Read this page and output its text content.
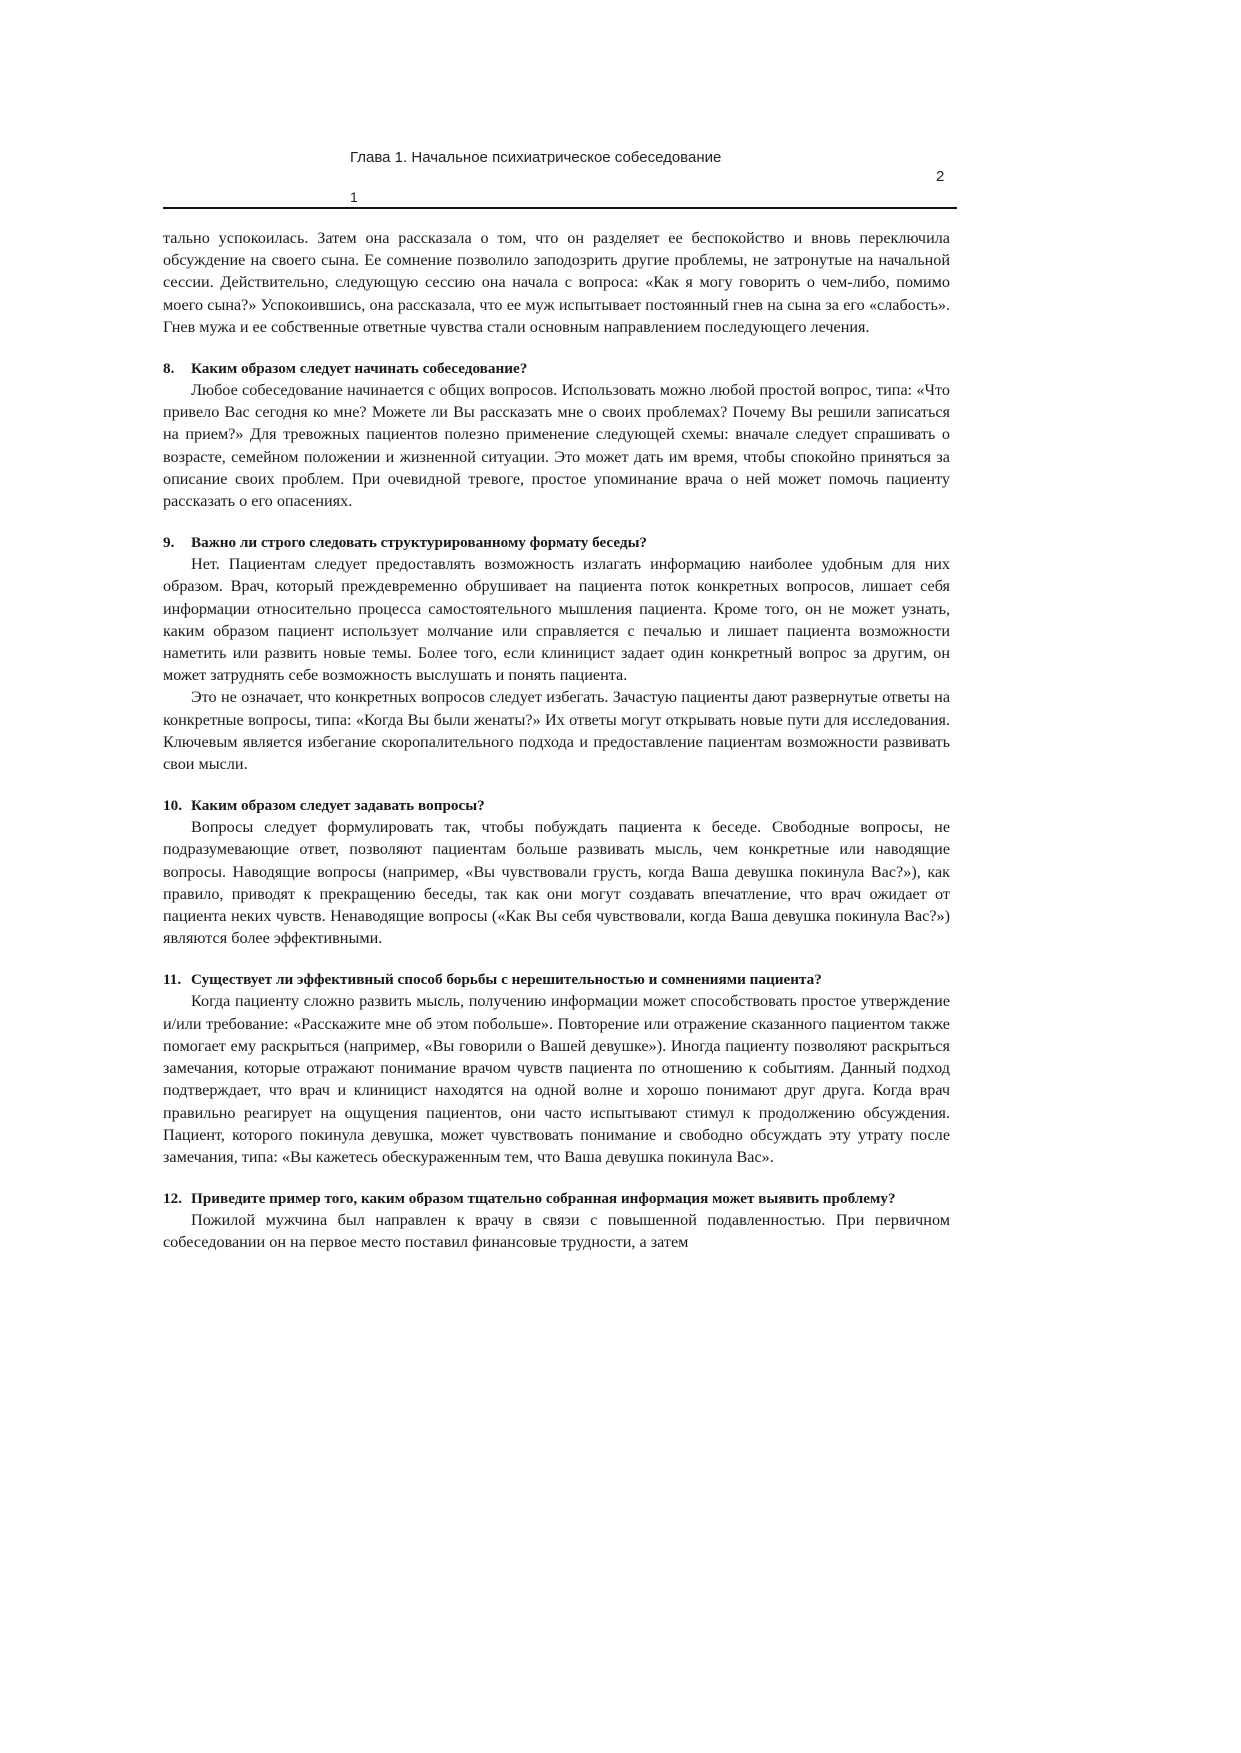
Глава 1. Начальное психиатрическое собеседование
2
1

тально успокоилась. Затем она рассказала о том, что он разделяет ее беспокойство и вновь переключила обсуждение на своего сына. Ее сомнение позволило заподозрить другие проблемы, не затронутые на начальной сессии. Действительно, следующую сессию она начала с вопроса: «Как я могу говорить о чем-либо, помимо моего сына?» Успокоившись, она рассказала, что ее муж испытывает постоянный гнев на сына за его «слабость». Гнев мужа и ее собственные ответные чувства стали основным направлением последующего лечения.

8. Каким образом следует начинать собеседование?

Любое собеседование начинается с общих вопросов. Использовать можно любой простой вопрос, типа: «Что привело Вас сегодня ко мне? Можете ли Вы рассказать мне о своих проблемах? Почему Вы решили записаться на прием?» Для тревожных пациентов полезно применение следующей схемы: вначале следует спрашивать о возрасте, семейном положении и жизненной ситуации. Это может дать им время, чтобы спокойно приняться за описание своих проблем. При очевидной тревоге, простое упоминание врача о ней может помочь пациенту рассказать о его опасениях.

9. Важно ли строго следовать структурированному формату беседы?

Нет. Пациентам следует предоставлять возможность излагать информацию наиболее удобным для них образом. Врач, который преждевременно обрушивает на пациента поток конкретных вопросов, лишает себя информации относительно процесса самостоятельного мышления пациента. Кроме того, он не может узнать, каким образом пациент использует молчание или справляется с печалью и лишает пациента возможности наметить или развить новые темы. Более того, если клиницист задает один конкретный вопрос за другим, он может затруднять себе возможность выслушать и понять пациента.

Это не означает, что конкретных вопросов следует избегать. Зачастую пациенты дают развернутые ответы на конкретные вопросы, типа: «Когда Вы были женаты?» Их ответы могут открывать новые пути для исследования. Ключевым является избегание скоропалительного подхода и предоставление пациентам возможности развивать свои мысли.

10. Каким образом следует задавать вопросы?

Вопросы следует формулировать так, чтобы побуждать пациента к беседе. Свободные вопросы, не подразумевающие ответ, позволяют пациентам больше развивать мысль, чем конкретные или наводящие вопросы. Наводящие вопросы (например, «Вы чувствовали грусть, когда Ваша девушка покинула Вас?»), как правило, приводят к прекращению беседы, так как они могут создавать впечатление, что врач ожидает от пациента неких чувств. Ненаводящие вопросы («Как Вы себя чувствовали, когда Ваша девушка покинула Вас?») являются более эффективными.

11. Существует ли эффективный способ борьбы с нерешительностью и сомнениями пациента?

Когда пациенту сложно развить мысль, получению информации может способствовать простое утверждение и/или требование: «Расскажите мне об этом побольше». Повторение или отражение сказанного пациентом также помогает ему раскрыться (например, «Вы говорили о Вашей девушке»). Иногда пациенту позволяют раскрыться замечания, которые отражают понимание врачом чувств пациента по отношению к событиям. Данный подход подтверждает, что врач и клиницист находятся на одной волне и хорошо понимают друг друга. Когда врач правильно реагирует на ощущения пациентов, они часто испытывают стимул к продолжению обсуждения. Пациент, которого покинула девушка, может чувствовать понимание и свободно обсуждать эту утрату после замечания, типа: «Вы кажетесь обескураженным тем, что Ваша девушка покинула Вас».

12. Приведите пример того, каким образом тщательно собранная информация может выявить проблему?

Пожилой мужчина был направлен к врачу в связи с повышенной подавленностью. При первичном собеседовании он на первое место поставил финансовые трудности, а затем
